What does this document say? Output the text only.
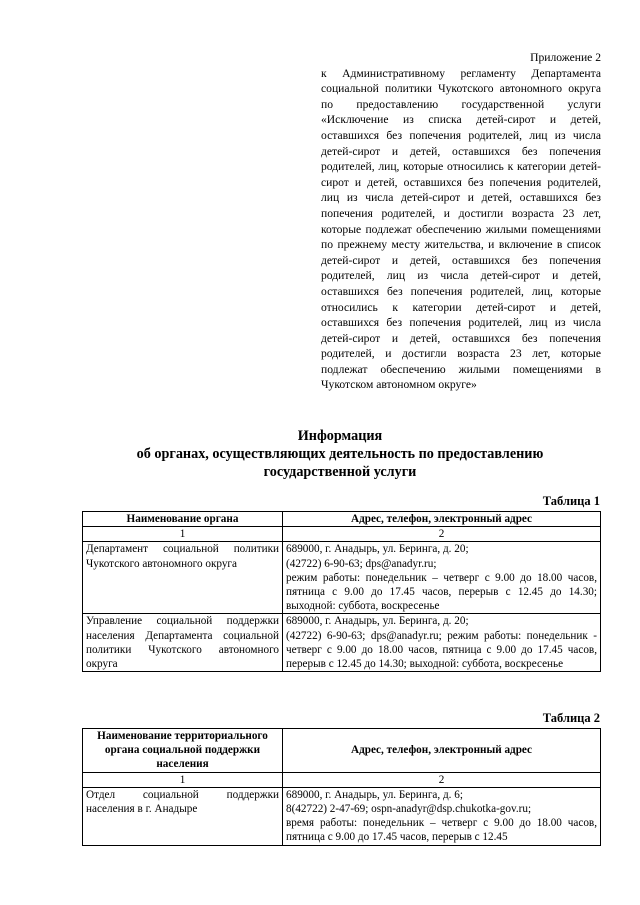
Приложение 2
к Административному регламенту Департамента социальной политики Чукотского автономного округа по предоставлению государственной услуги «Исключение из списка детей-сирот и детей, оставшихся без попечения родителей, лиц из числа детей-сирот и детей, оставшихся без попечения родителей, лиц, которые относились к категории детей-сирот и детей, оставшихся без попечения родителей, лиц из числа детей-сирот и детей, оставшихся без попечения родителей, и достигли возраста 23 лет, которые подлежат обеспечению жилыми помещениями по прежнему месту жительства, и включение в список детей-сирот и детей, оставшихся без попечения родителей, лиц из числа детей-сирот и детей, оставшихся без попечения родителей, лиц, которые относились к категории детей-сирот и детей, оставшихся без попечения родителей, лиц из числа детей-сирот и детей, оставшихся без попечения родителей, и достигли возраста 23 лет, которые подлежат обеспечению жилыми помещениями в Чукотском автономном округе»
Информация
об органах, осуществляющих деятельность по предоставлению
государственной услуги
Таблица 1
Наименование органа	Адрес, телефон, электронный адрес
1	2
Департамент социальной политики Чукотского автономного округа	689000, г. Анадырь, ул. Беринга, д. 20;
(42722) 6-90-63; dps@anadyr.ru;
режим работы: понедельник – четверг с 9.00 до 18.00 часов, пятница с 9.00 до 17.45 часов, перерыв с 12.45 до 14.30; выходной: суббота, воскресенье

Управление социальной поддержки населения Департамента социальной политики Чукотского автономного округа	689000, г. Анадырь, ул. Беринга, д. 20;
(42722) 6-90-63; dps@anadyr.ru; режим работы: понедельник - четверг с 9.00 до 18.00 часов, пятница с 9.00 до 17.45 часов, перерыв с 12.45 до 14.30; выходной: суббота, воскресенье
Таблица 2
Наименование территориального органа социальной поддержки населения	Адрес, телефон, электронный адрес
1	2
Отдел социальной поддержки населения в г. Анадыре	689000, г. Анадырь, ул. Беринга, д. 6;
8(42722) 2-47-69; ospn-anadyr@dsp.chukotka-gov.ru;
время работы: понедельник – четверг с 9.00 до 18.00 часов, пятница с 9.00 до 17.45 часов, перерыв с 12.45
